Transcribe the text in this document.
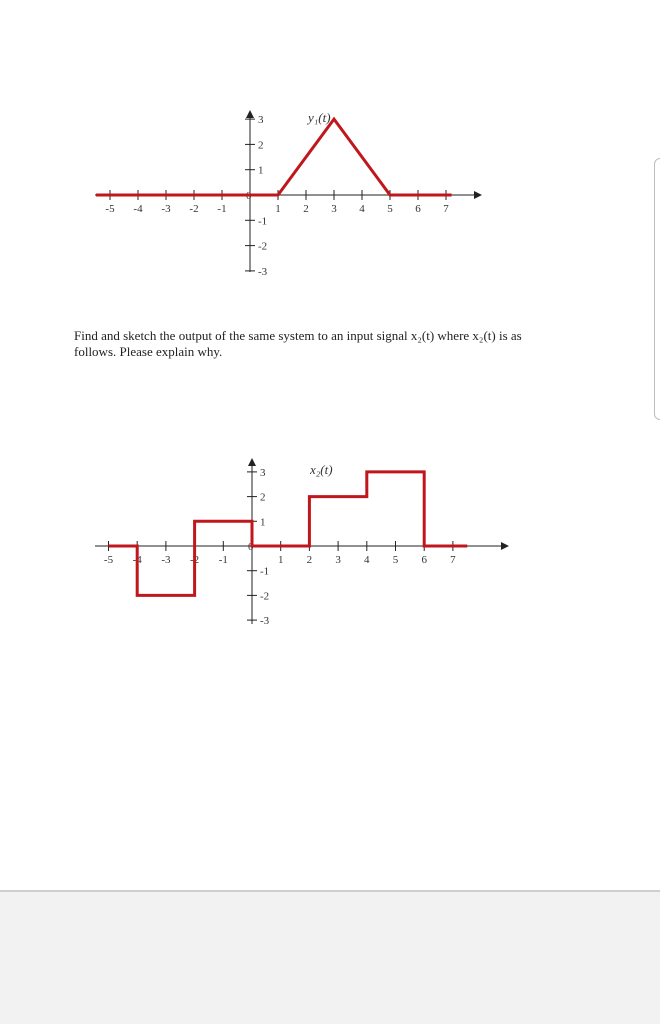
-5 -4 -3 -2 -1
0
1 2 3 4 5 6 7
3
2
1
-1
-2
-3
y₁(t)

Find and sketch the output of the same system to an input signal x₂(t) where x₂(t) is as
follows. Please explain why.

-5 -4 -3 -2 -1
0
1 2 3 4 5 6 7
3
2
1
-1
-2
-3
x₂(t)
